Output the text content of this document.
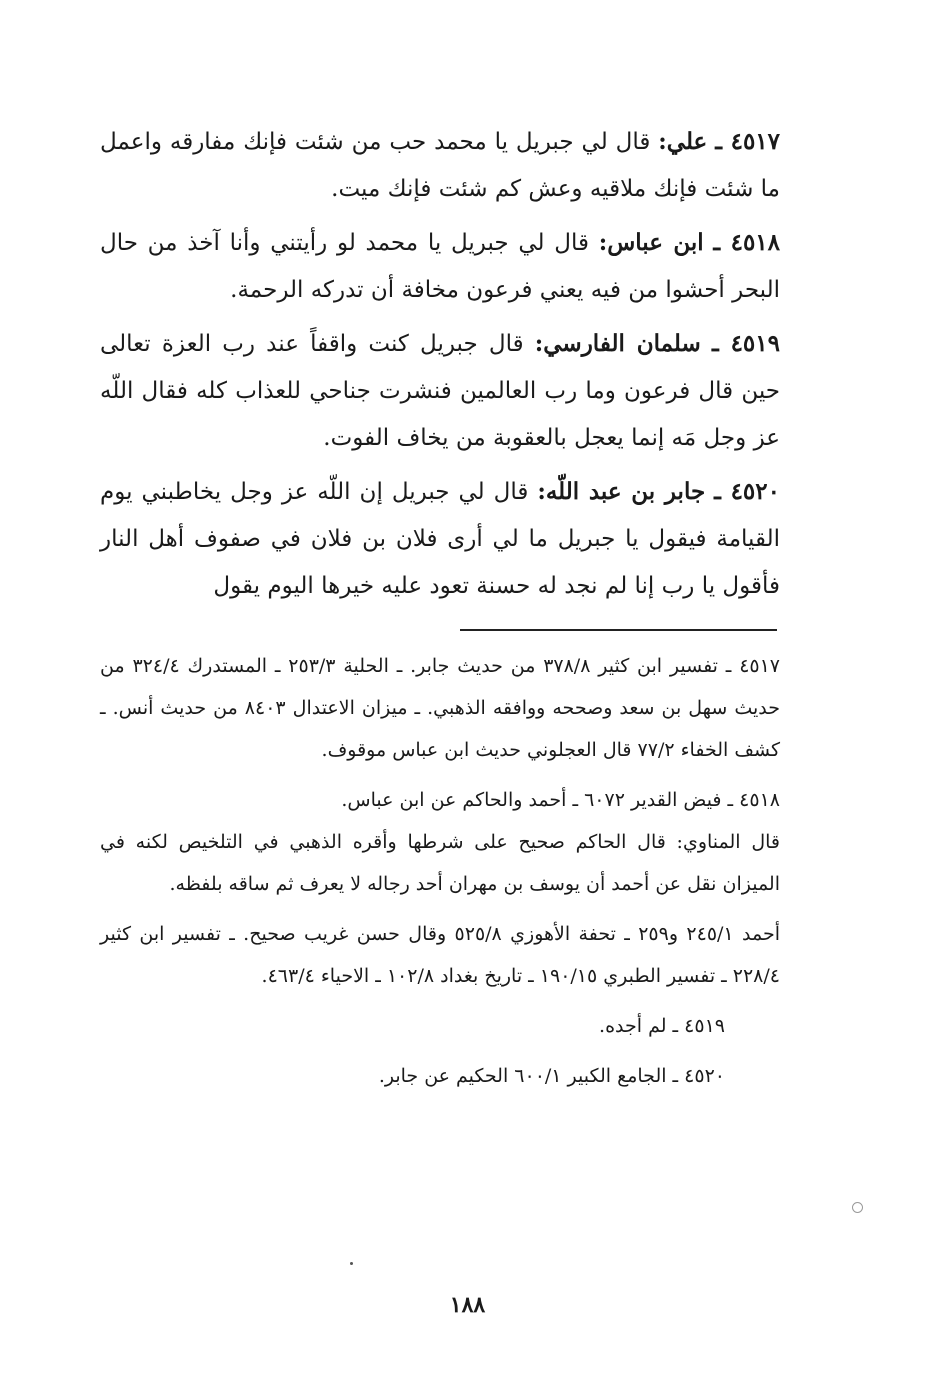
٤٥١٧ ـ علي: قال لي جبريل يا محمد حب من شئت فإنك مفارقه واعمل ما شئت فإنك ملاقيه وعش كم شئت فإنك ميت.

٤٥١٨ ـ ابن عباس: قال لي جبريل يا محمد لو رأيتني وأنا آخذ من حال البحر أحشوا من فيه يعني فرعون مخافة أن تدركه الرحمة.

٤٥١٩ ـ سلمان الفارسي: قال جبريل كنت واقفاً عند رب العزة تعالى حين قال فرعون وما رب العالمين فنشرت جناحي للعذاب كله فقال اللّه عز وجل مَه إنما يعجل بالعقوبة من يخاف الفوت.

٤٥٢٠ ـ جابر بن عبد اللّه: قال لي جبريل إن اللّه عز وجل يخاطبني يوم القيامة فيقول يا جبريل ما لي أرى فلان بن فلان في صفوف أهل النار فأقول يا رب إنا لم نجد له حسنة تعود عليه خيرها اليوم يقول

٤٥١٧ ـ تفسير ابن كثير ٣٧٨/٨ من حديث جابر. ـ الحلية ٢٥٣/٣ ـ المستدرك ٣٢٤/٤ من حديث سهل بن سعد وصححه ووافقه الذهبي. ـ ميزان الاعتدال ٨٤٠٣ من حديث أنس. ـ كشف الخفاء ٧٧/٢ قال العجلوني حديث ابن عباس موقوف.

٤٥١٨ ـ فيض القدير ٦٠٧٢ ـ أحمد والحاكم عن ابن عباس.

قال المناوي: قال الحاكم صحيح على شرطها وأقره الذهبي في التلخيص لكنه في الميزان نقل عن أحمد أن يوسف بن مهران أحد رجاله لا يعرف ثم ساقه بلفظه.

أحمد ٢٤٥/١ و٢٥٩ ـ تحفة الأهوزي ٥٢٥/٨ وقال حسن غريب صحيح. ـ تفسير ابن كثير ٢٢٨/٤ ـ تفسير الطبري ١٩٠/١٥ ـ تاريخ بغداد ١٠٢/٨ ـ الاحياء ٤٦٣/٤.

٤٥١٩ ـ لم أجده.

٤٥٢٠ ـ الجامع الكبير ٦٠٠/١ الحكيم عن جابر.

١٨٨
